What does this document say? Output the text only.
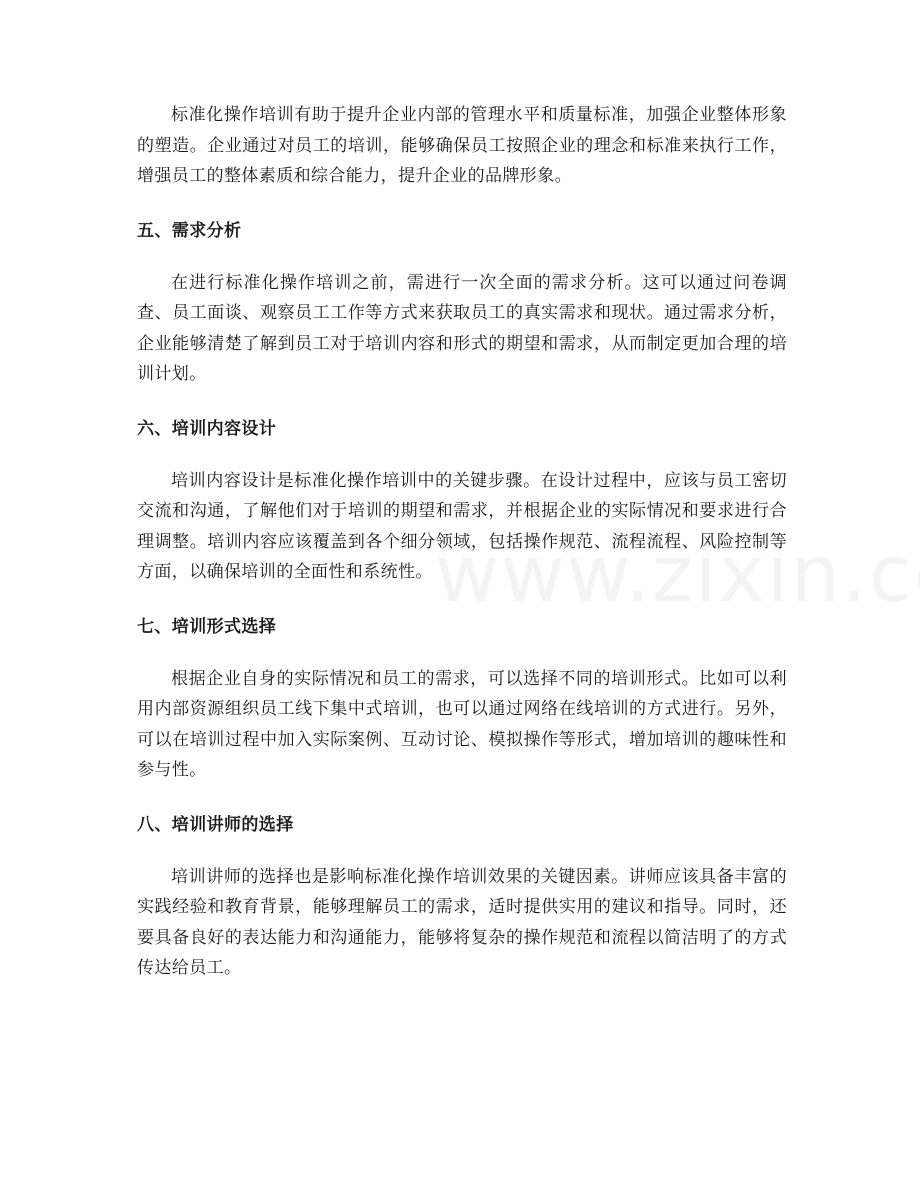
标准化操作培训有助于提升企业内部的管理水平和质量标准，加强企业整体形象的塑造。企业通过对员工的培训，能够确保员工按照企业的理念和标准来执行工作，增强员工的整体素质和综合能力，提升企业的品牌形象。

五、需求分析

在进行标准化操作培训之前，需进行一次全面的需求分析。这可以通过问卷调查、员工面谈、观察员工工作等方式来获取员工的真实需求和现状。通过需求分析，企业能够清楚了解到员工对于培训内容和形式的期望和需求，从而制定更加合理的培训计划。

六、培训内容设计

培训内容设计是标准化操作培训中的关键步骤。在设计过程中，应该与员工密切交流和沟通，了解他们对于培训的期望和需求，并根据企业的实际情况和要求进行合理调整。培训内容应该覆盖到各个细分领域，包括操作规范、流程流程、风险控制等方面，以确保培训的全面性和系统性。

七、培训形式选择

根据企业自身的实际情况和员工的需求，可以选择不同的培训形式。比如可以利用内部资源组织员工线下集中式培训，也可以通过网络在线培训的方式进行。另外，可以在培训过程中加入实际案例、互动讨论、模拟操作等形式，增加培训的趣味性和参与性。

八、培训讲师的选择

培训讲师的选择也是影响标准化操作培训效果的关键因素。讲师应该具备丰富的实践经验和教育背景，能够理解员工的需求，适时提供实用的建议和指导。同时，还要具备良好的表达能力和沟通能力，能够将复杂的操作规范和流程以简洁明了的方式传达给员工。
